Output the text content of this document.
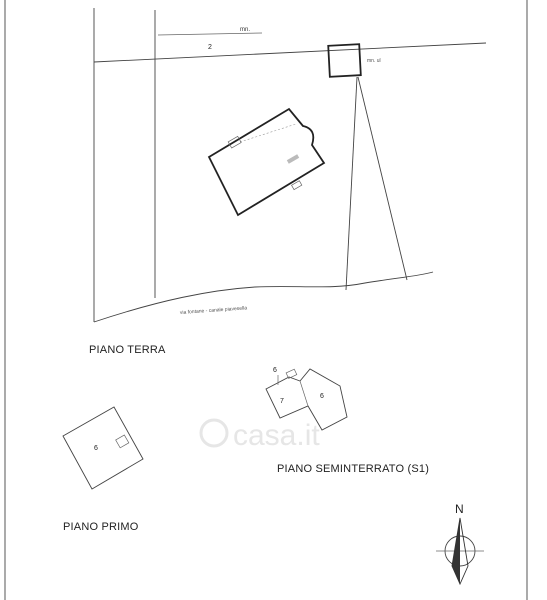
casa.it
mn.
2
mn. ul
via fontane - canale piavesella
PIANO TERRA
PIANO SEMINTERRATO (S1)
PIANO PRIMO
6
7
6
6
N
